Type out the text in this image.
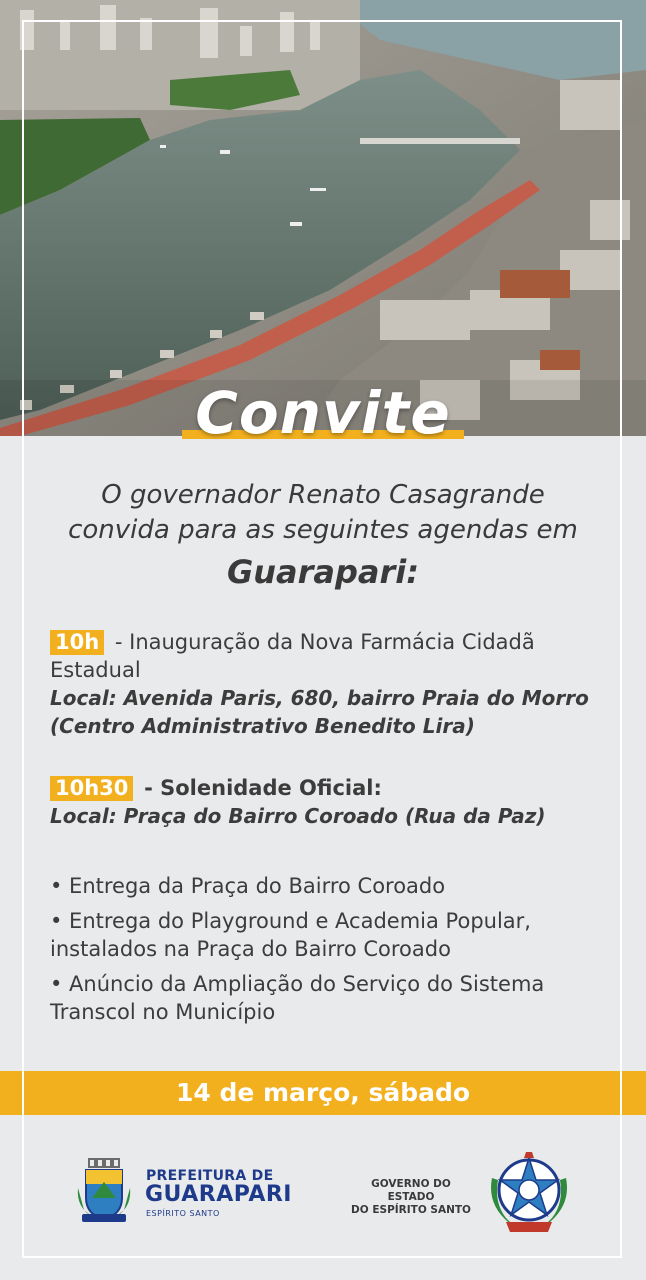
Convite
O governador Renato Casagrande
convida para as seguintes agendas em
Guarapari:
10h - Inauguração da Nova Farmácia Cidadã Estadual
Local: Avenida Paris, 680, bairro Praia do Morro
(Centro Administrativo Benedito Lira)
10h30 - Solenidade Oficial:
Local: Praça do Bairro Coroado (Rua da Paz)
• Entrega da Praça do Bairro Coroado
• Entrega do Playground e Academia Popular, instalados na Praça do Bairro Coroado
• Anúncio da Ampliação do Serviço do Sistema Transcol no Município
14 de março, sábado
PREFEITURA DE
GUARAPARI
ESPÍRITO SANTO
GOVERNO DO ESTADO
DO ESPÍRITO SANTO
